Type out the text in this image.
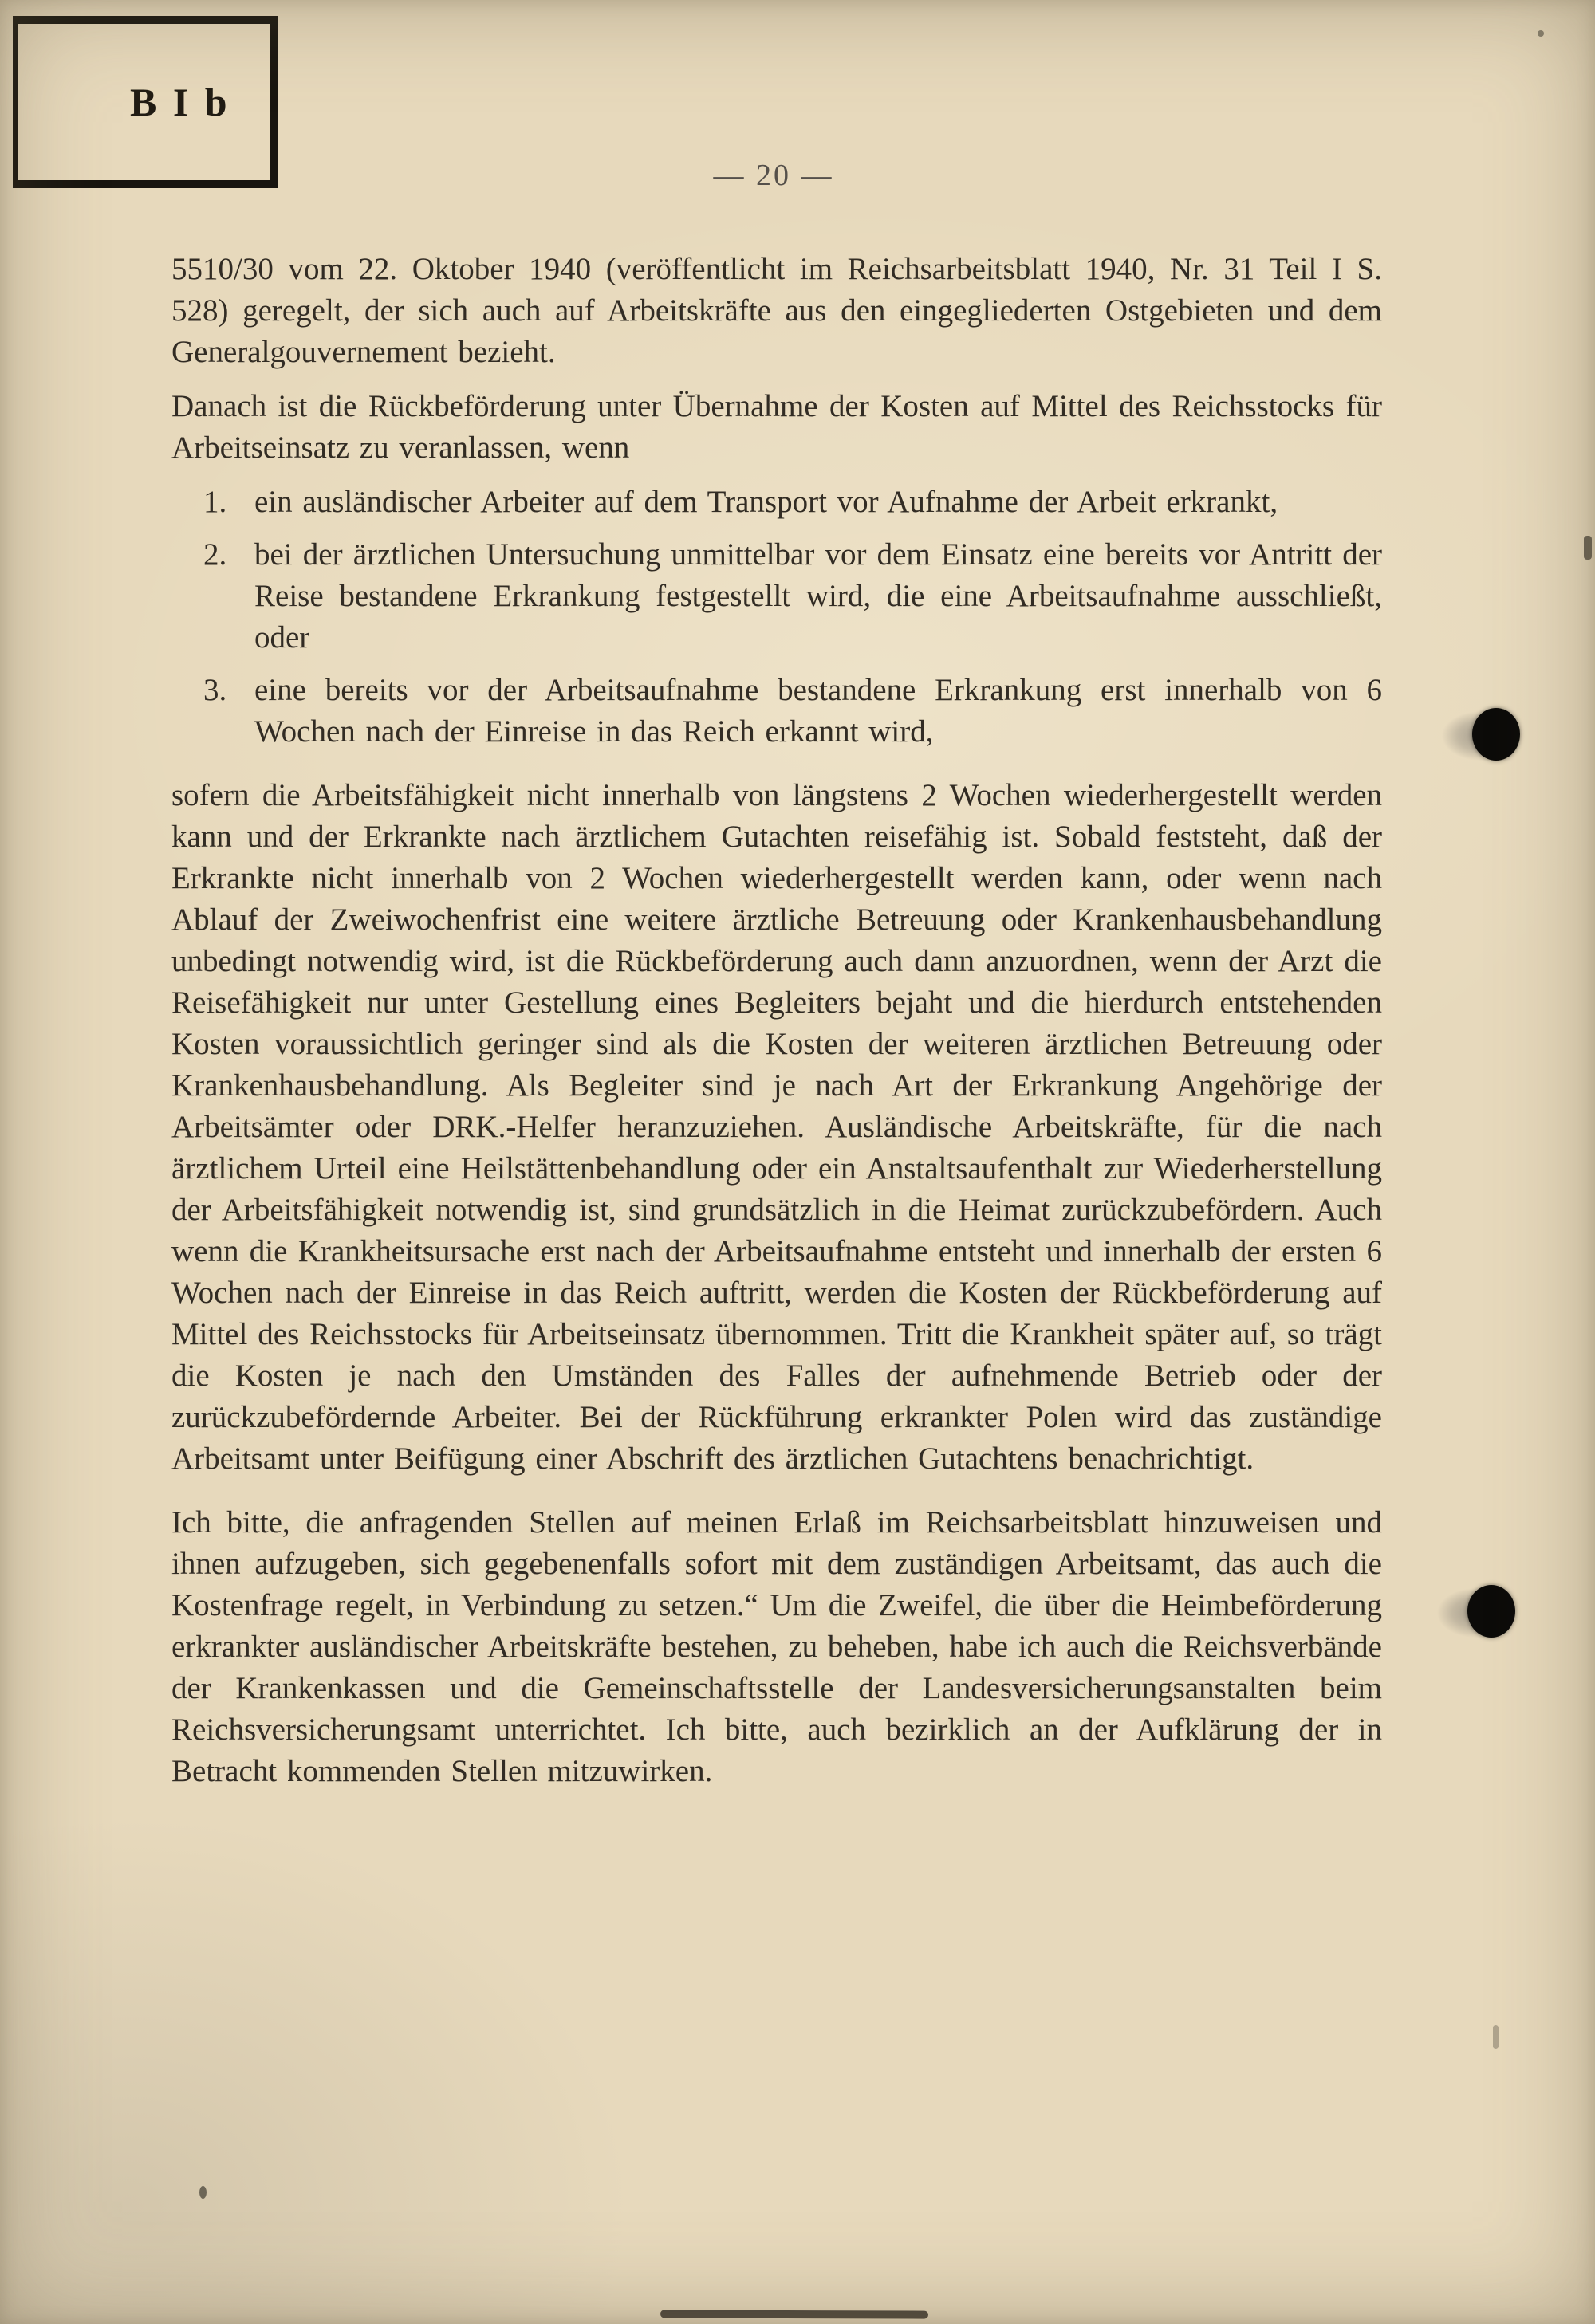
B I b
— 20 —

5510/30 vom 22. Oktober 1940 (veröffentlicht im Reichsarbeitsblatt 1940, Nr. 31 Teil I S. 528) geregelt, der sich auch auf Arbeitskräfte aus den eingegliederten Ostgebieten und dem Generalgouvernement bezieht.

Danach ist die Rückbeförderung unter Übernahme der Kosten auf Mittel des Reichsstocks für Arbeitseinsatz zu veranlassen, wenn

1. ein ausländischer Arbeiter auf dem Transport vor Aufnahme der Arbeit erkrankt,
2. bei der ärztlichen Untersuchung unmittelbar vor dem Einsatz eine bereits vor Antritt der Reise bestandene Erkrankung festgestellt wird, die eine Arbeitsaufnahme ausschließt, oder
3. eine bereits vor der Arbeitsaufnahme bestandene Erkrankung erst innerhalb von 6 Wochen nach der Einreise in das Reich erkannt wird,

sofern die Arbeitsfähigkeit nicht innerhalb von längstens 2 Wochen wiederhergestellt werden kann und der Erkrankte nach ärztlichem Gutachten reisefähig ist. Sobald feststeht, daß der Erkrankte nicht innerhalb von 2 Wochen wiederhergestellt werden kann, oder wenn nach Ablauf der Zweiwochenfrist eine weitere ärztliche Betreuung oder Krankenhausbehandlung unbedingt notwendig wird, ist die Rückbeförderung auch dann anzuordnen, wenn der Arzt die Reisefähigkeit nur unter Gestellung eines Begleiters bejaht und die hierdurch entstehenden Kosten voraussichtlich geringer sind als die Kosten der weiteren ärztlichen Betreuung oder Krankenhausbehandlung. Als Begleiter sind je nach Art der Erkrankung Angehörige der Arbeitsämter oder DRK.-Helfer heranzuziehen. Ausländische Arbeitskräfte, für die nach ärztlichem Urteil eine Heilstättenbehandlung oder ein Anstaltsaufenthalt zur Wiederherstellung der Arbeitsfähigkeit notwendig ist, sind grundsätzlich in die Heimat zurückzubefördern. Auch wenn die Krankheitsursache erst nach der Arbeitsaufnahme entsteht und innerhalb der ersten 6 Wochen nach der Einreise in das Reich auftritt, werden die Kosten der Rückbeförderung auf Mittel des Reichsstocks für Arbeitseinsatz übernommen. Tritt die Krankheit später auf, so trägt die Kosten je nach den Umständen des Falles der aufnehmende Betrieb oder der zurückzubefördernde Arbeiter. Bei der Rückführung erkrankter Polen wird das zuständige Arbeitsamt unter Beifügung einer Abschrift des ärztlichen Gutachtens benachrichtigt.

Ich bitte, die anfragenden Stellen auf meinen Erlaß im Reichsarbeitsblatt hinzuweisen und ihnen aufzugeben, sich gegebenenfalls sofort mit dem zuständigen Arbeitsamt, das auch die Kostenfrage regelt, in Verbindung zu setzen.“ Um die Zweifel, die über die Heimbeförderung erkrankter ausländischer Arbeitskräfte bestehen, zu beheben, habe ich auch die Reichsverbände der Krankenkassen und die Gemeinschaftsstelle der Landesversicherungsanstalten beim Reichsversicherungsamt unterrichtet. Ich bitte, auch bezirklich an der Aufklärung der in Betracht kommenden Stellen mitzuwirken.
